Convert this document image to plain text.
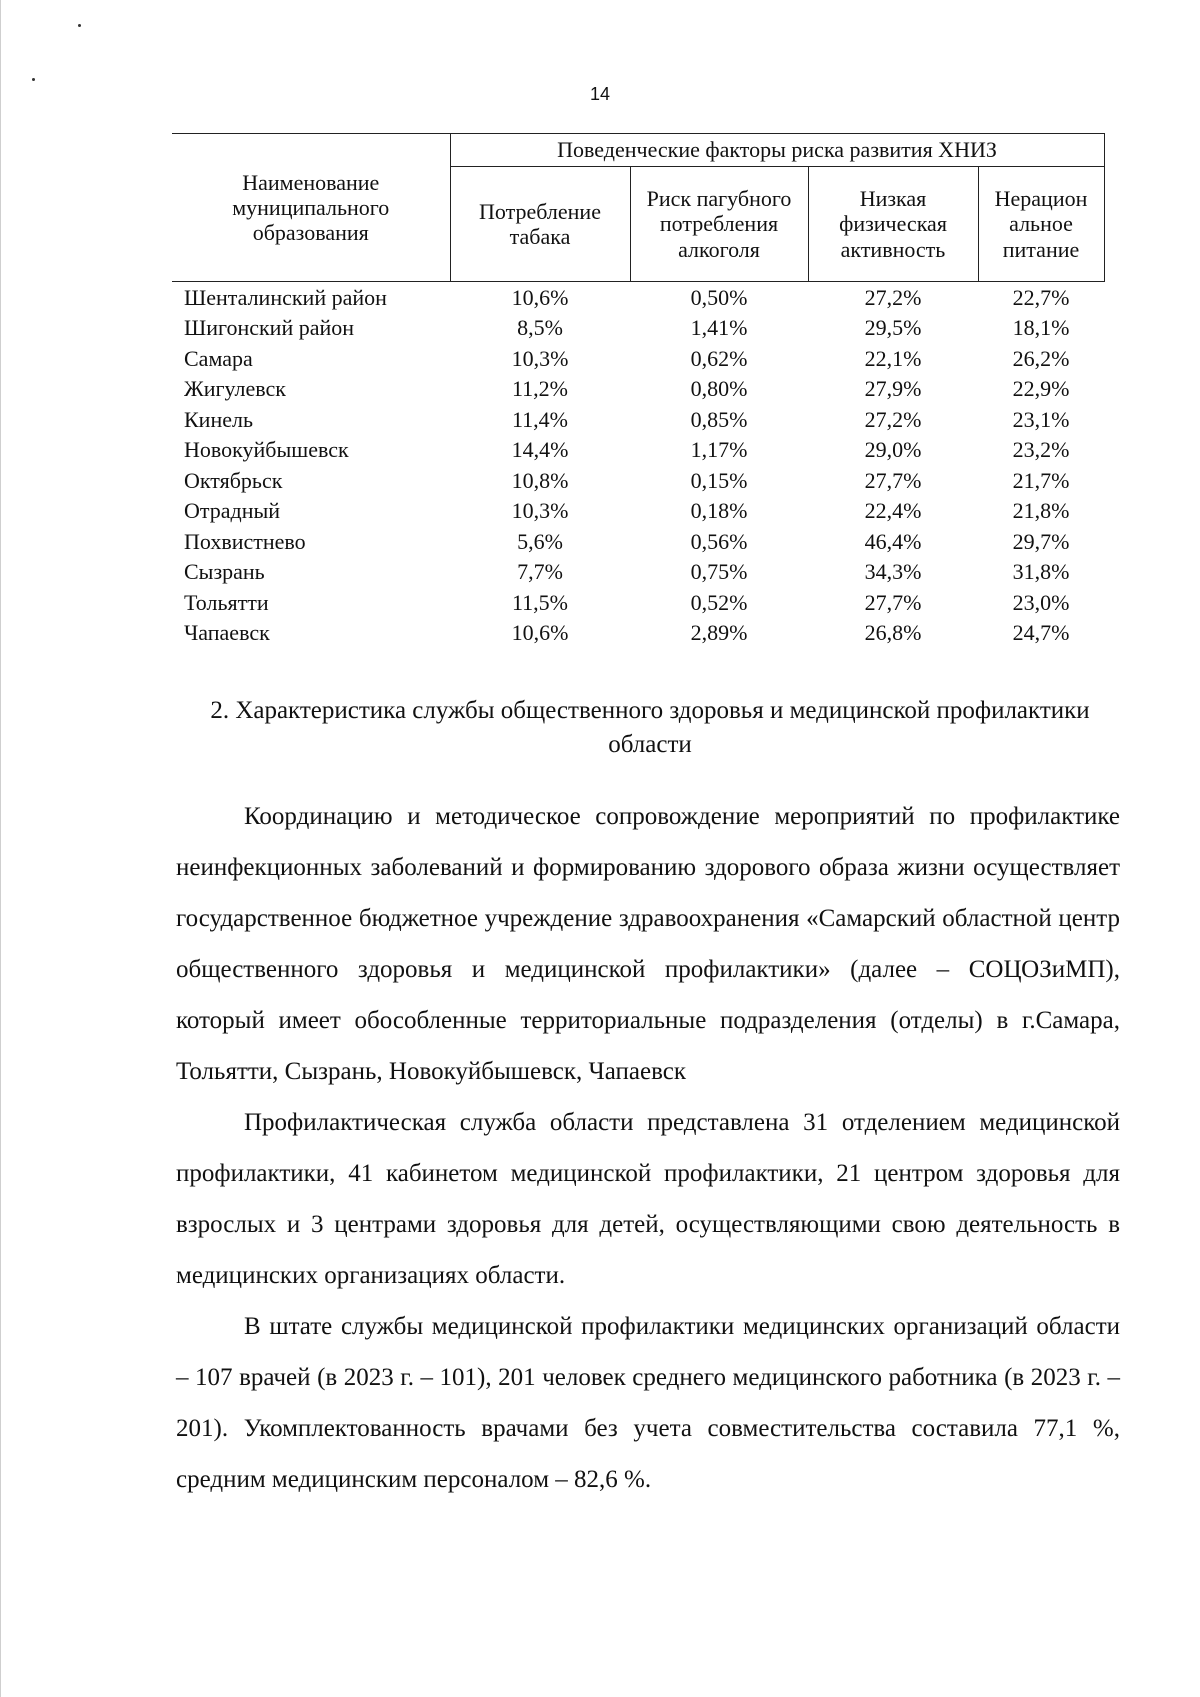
14
Наименование муниципального образования	Поведенческие факторы риска развития ХНИЗ			
	Потребление табака	Риск пагубного потребления алкоголя	Низкая физическая активность	Нерацион альное питание
Шенталинский район	10,6%	0,50%	27,2%	22,7%
Шигонский район	8,5%	1,41%	29,5%	18,1%
Самара	10,3%	0,62%	22,1%	26,2%
Жигулевск	11,2%	0,80%	27,9%	22,9%
Кинель	11,4%	0,85%	27,2%	23,1%
Новокуйбышевск	14,4%	1,17%	29,0%	23,2%
Октябрьск	10,8%	0,15%	27,7%	21,7%
Отрадный	10,3%	0,18%	22,4%	21,8%
Похвистнево	5,6%	0,56%	46,4%	29,7%
Сызрань	7,7%	0,75%	34,3%	31,8%
Тольятти	11,5%	0,52%	27,7%	23,0%
Чапаевск	10,6%	2,89%	26,8%	24,7%
2. Характеристика службы общественного здоровья и медицинской профилактики области

Координацию и методическое сопровождение мероприятий по профилактике неинфекционных заболеваний и формированию здорового образа жизни осуществляет государственное бюджетное учреждение здравоохранения «Самарский областной центр общественного здоровья и медицинской профилактики» (далее – СОЦОЗиМП), который имеет обособленные территориальные подразделения (отделы) в г.Самара, Тольятти, Сызрань, Новокуйбышевск, Чапаевск

Профилактическая служба области представлена 31 отделением медицинской профилактики, 41 кабинетом медицинской профилактики, 21 центром здоровья для взрослых и 3 центрами здоровья для детей, осуществляющими свою деятельность в медицинских организациях области.

В штате службы медицинской профилактики медицинских организаций области – 107 врачей (в 2023 г. – 101), 201 человек среднего медицинского работника (в 2023 г. – 201). Укомплектованность врачами без учета совместительства составила 77,1 %, средним медицинским персоналом – 82,6 %.
